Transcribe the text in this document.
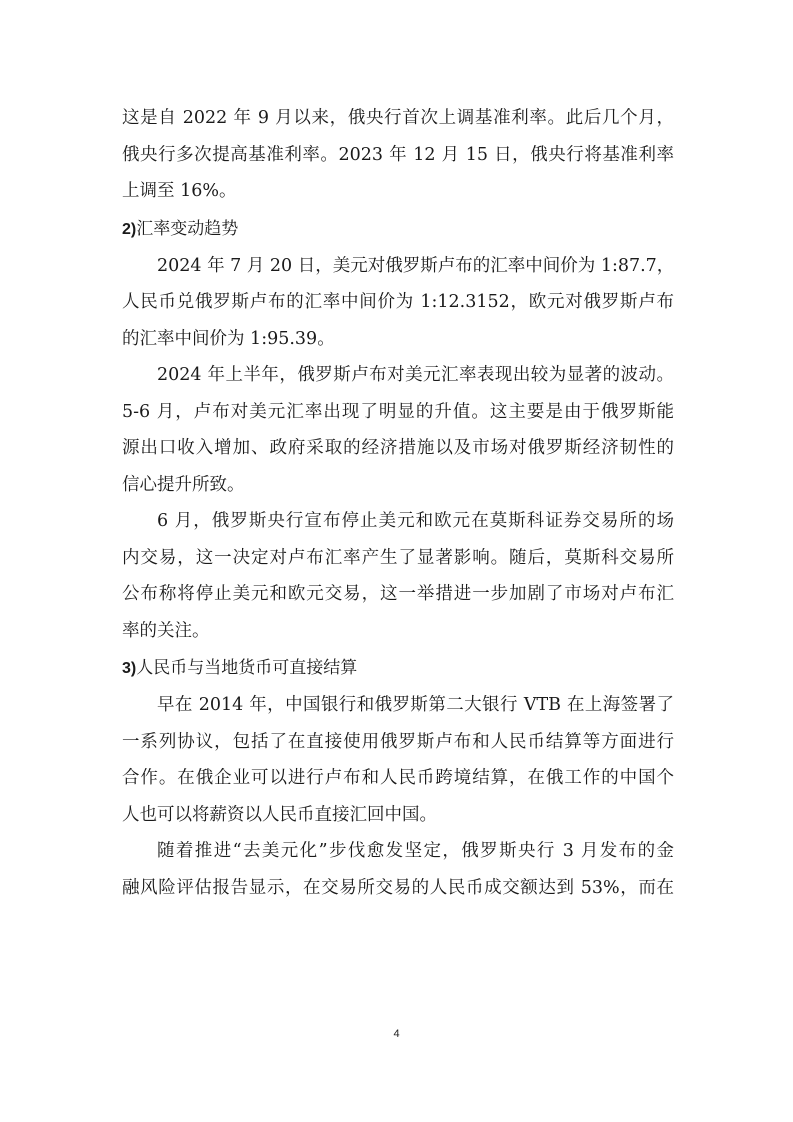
这是自 2022 年 9 月以来，俄央行首次上调基准利率。此后几个月，
俄央行多次提高基准利率。2023 年 12 月 15 日，俄央行将基准利率
上调至 16%。
2)汇率变动趋势
2024 年 7 月 20 日，美元对俄罗斯卢布的汇率中间价为 1:87.7，
人民币兑俄罗斯卢布的汇率中间价为 1:12.3152，欧元对俄罗斯卢布
的汇率中间价为 1:95.39。
2024 年上半年，俄罗斯卢布对美元汇率表现出较为显著的波动。
5-6 月，卢布对美元汇率出现了明显的升值。这主要是由于俄罗斯能
源出口收入增加、政府采取的经济措施以及市场对俄罗斯经济韧性的
信心提升所致。
6 月，俄罗斯央行宣布停止美元和欧元在莫斯科证券交易所的场
内交易，这一决定对卢布汇率产生了显著影响。随后，莫斯科交易所
公布称将停止美元和欧元交易，这一举措进一步加剧了市场对卢布汇
率的关注。
3)人民币与当地货币可直接结算
早在 2014 年，中国银行和俄罗斯第二大银行 VTB 在上海签署了
一系列协议，包括了在直接使用俄罗斯卢布和人民币结算等方面进行
合作。在俄企业可以进行卢布和人民币跨境结算，在俄工作的中国个
人也可以将薪资以人民币直接汇回中国。
随着推进“去美元化”步伐愈发坚定，俄罗斯央行 3 月发布的金
融风险评估报告显示，在交易所交易的人民币成交额达到 53%，而在
4
